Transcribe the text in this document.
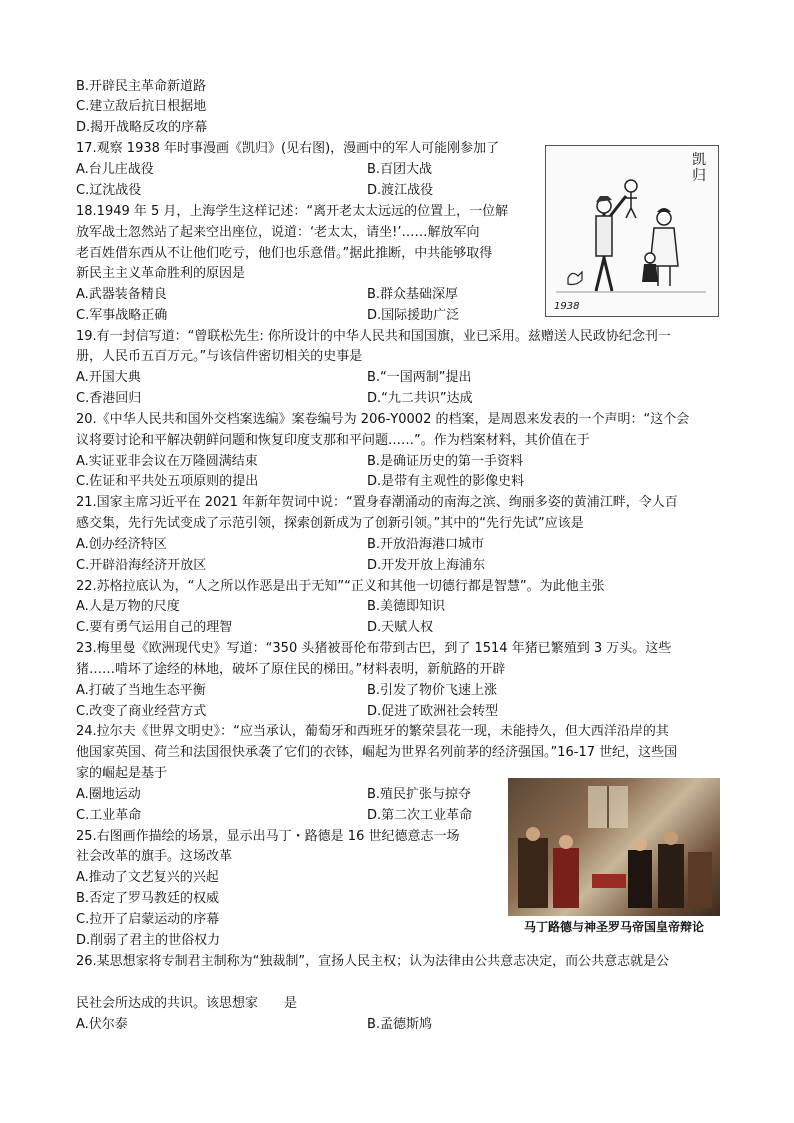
B.开辟民主革命新道路
C.建立敌后抗日根据地
D.揭开战略反攻的序幕
17.观察 1938 年时事漫画《凯归》(见右图)，漫画中的军人可能刚参加了
A.台儿庄战役	B.百团大战
C.辽沈战役	D.渡江战役
18.1949 年 5 月，上海学生这样记述：“离开老太太远远的位置上，一位解
放军战士忽然站了起来空出座位，说道：‘老太太，请坐!’……解放军向
老百姓借东西从不让他们吃亏，他们也乐意借。”据此推断，中共能够取得
新民主主义革命胜利的原因是
A.武器装备精良	B.群众基础深厚
C.军事战略正确	D.国际援助广泛
19.有一封信写道：“曾联松先生: 你所设计的中华人民共和国国旗，业已采用。兹赠送人民政协纪念刊一
册，人民币五百万元。”与该信件密切相关的史事是
A.开国大典	B.“一国两制”提出
C.香港回归	D.“九二共识”达成
20.《中华人民共和国外交档案选编》案卷编号为 206-Y0002 的档案，是周恩来发表的一个声明：“这个会
议将要讨论和平解决朝鲜问题和恢复印度支那和平问题……”。作为档案材料，其价值在于
A.实证亚非会议在万隆圆满结束	B.是确证历史的第一手资料
C.佐证和平共处五项原则的提出	D.是带有主观性的影像史料
21.国家主席习近平在 2021 年新年贺词中说：“置身春潮涌动的南海之滨、绚丽多姿的黄浦江畔，令人百
感交集，先行先试变成了示范引领，探索创新成为了创新引领。”其中的“先行先试”应该是
A.创办经济特区	B.开放沿海港口城市
C.开辟沿海经济开放区	D.开发开放上海浦东
22.苏格拉底认为，“人之所以作恶是出于无知”“正义和其他一切德行都是智慧”。为此他主张
A.人是万物的尺度	B.美德即知识
C.要有勇气运用自己的理智	D.天赋人权
23.梅里曼《欧洲现代史》写道：“350 头猪被哥伦布带到古巴，到了 1514 年猪已繁殖到 3 万头。这些
猪……啃坏了途经的林地，破坏了原住民的梯田。”材料表明，新航路的开辟
A.打破了当地生态平衡	B.引发了物价飞速上涨
C.改变了商业经营方式	D.促进了欧洲社会转型
24.拉尔夫《世界文明史》：“应当承认，葡萄牙和西班牙的繁荣昙花一现，未能持久，但大西洋沿岸的其
他国家英国、荷兰和法国很快承袭了它们的衣钵，崛起为世界名列前茅的经济强国。”16-17 世纪，这些国
家的崛起是基于
A.圈地运动	B.殖民扩张与掠夺
C.工业革命	D.第二次工业革命
25.右图画作描绘的场景，显示出马丁・路德是 16 世纪德意志一场
社会改革的旗手。这场改革
A.推动了文艺复兴的兴起
B.否定了罗马教廷的权威
C.拉开了启蒙运动的序幕
D.削弱了君主的世俗权力
26.某思想家将专制君主制称为“独裁制”，宣扬人民主权；认为法律由公共意志决定，而公共意志就是公
民社会所达成的共识。该思想家　　是
A.伏尔泰	B.孟德斯鸠
凯归
1938
马丁路德与神圣罗马帝国皇帝辩论
